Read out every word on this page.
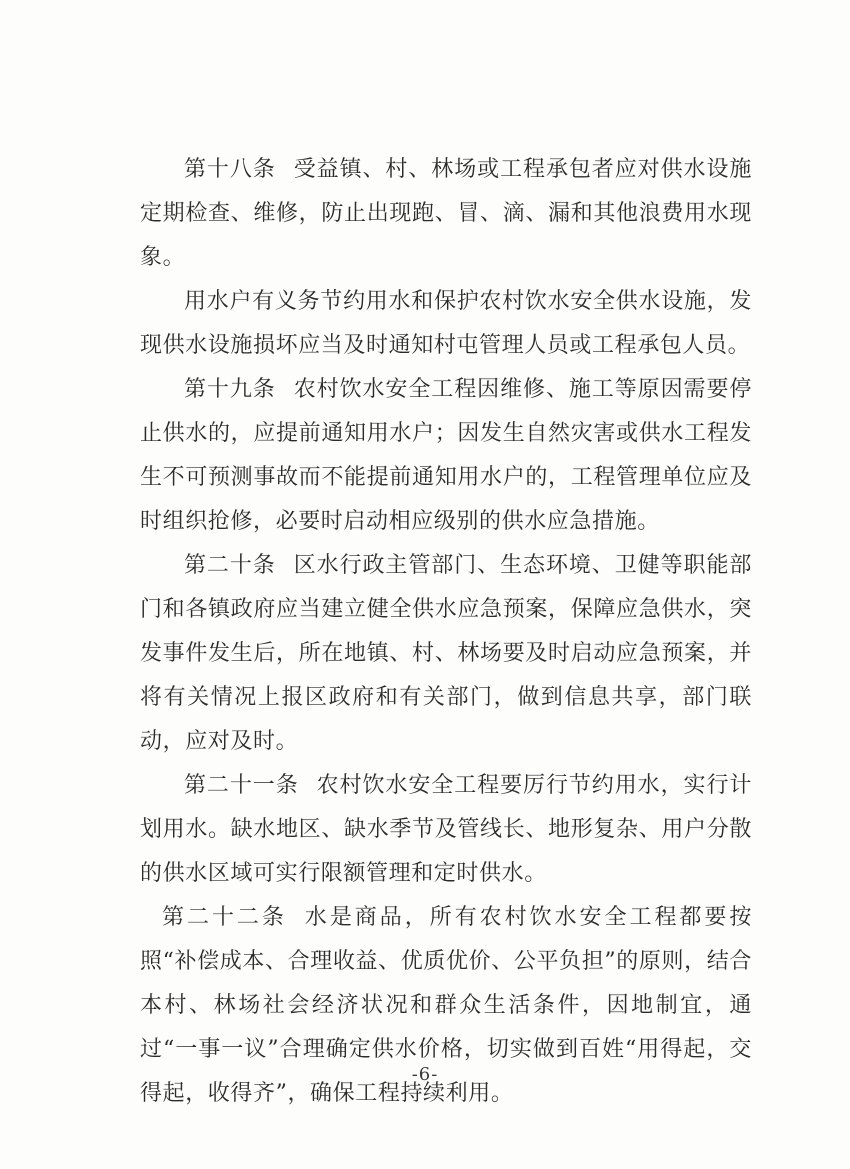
第十八条 受益镇、村、林场或工程承包者应对供水设施定期检查、维修，防止出现跑、冒、滴、漏和其他浪费用水现象。

用水户有义务节约用水和保护农村饮水安全供水设施，发现供水设施损坏应当及时通知村屯管理人员或工程承包人员。

第十九条 农村饮水安全工程因维修、施工等原因需要停止供水的，应提前通知用水户；因发生自然灾害或供水工程发生不可预测事故而不能提前通知用水户的，工程管理单位应及时组织抢修，必要时启动相应级别的供水应急措施。

第二十条 区水行政主管部门、生态环境、卫健等职能部门和各镇政府应当建立健全供水应急预案，保障应急供水，突发事件发生后，所在地镇、村、林场要及时启动应急预案，并将有关情况上报区政府和有关部门，做到信息共享，部门联动，应对及时。

第二十一条 农村饮水安全工程要厉行节约用水，实行计划用水。缺水地区、缺水季节及管线长、地形复杂、用户分散的供水区域可实行限额管理和定时供水。

第二十二条 水是商品，所有农村饮水安全工程都要按照“补偿成本、合理收益、优质优价、公平负担”的原则，结合本村、林场社会经济状况和群众生活条件，因地制宜，通过“一事一议”合理确定供水价格，切实做到百姓“用得起，交得起，收得齐”，确保工程持续利用。

-6-
